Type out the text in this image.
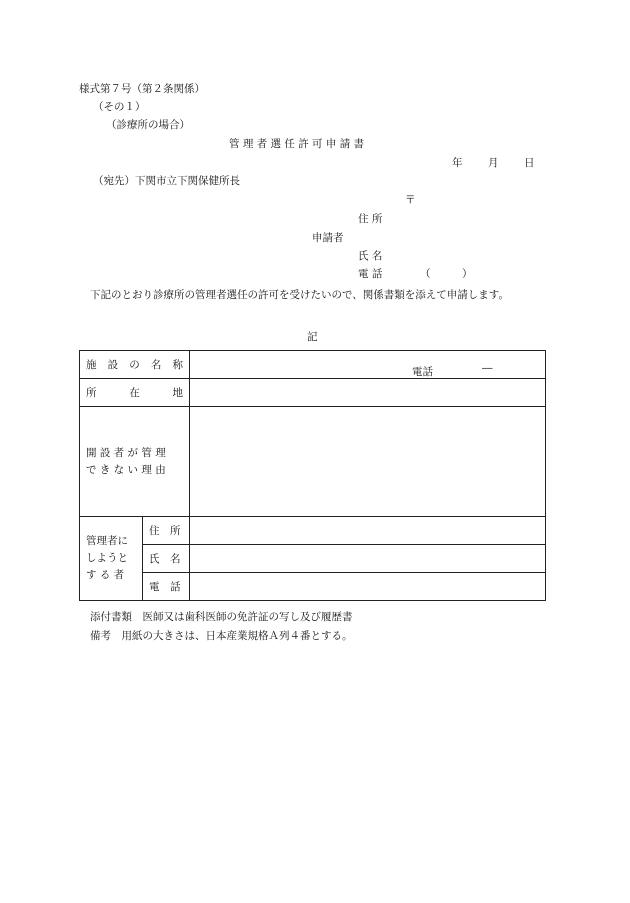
様式第７号（第２条関係）
（その１）
（診療所の場合）
管 理 者 選 任 許 可 申 請 書
年 月 日
（宛先）下関市立下関保健所長
〒
住 所
申請者
氏 名
電 話	（　　　）
下記のとおり診療所の管理者選任の許可を受けたいので、関係書類を添えて申請します。
記
施 設 の 名 称		電話 ―

所 在 地		

開 設 者 が 管 理
で き な い 理 由		

管理者に
しようと
す る 者	住　所	
	氏　名	
	電　話	
添付書類　医師又は歯科医師の免許証の写し及び履歴書
備考　用紙の大きさは、日本産業規格Ａ列４番とする。
